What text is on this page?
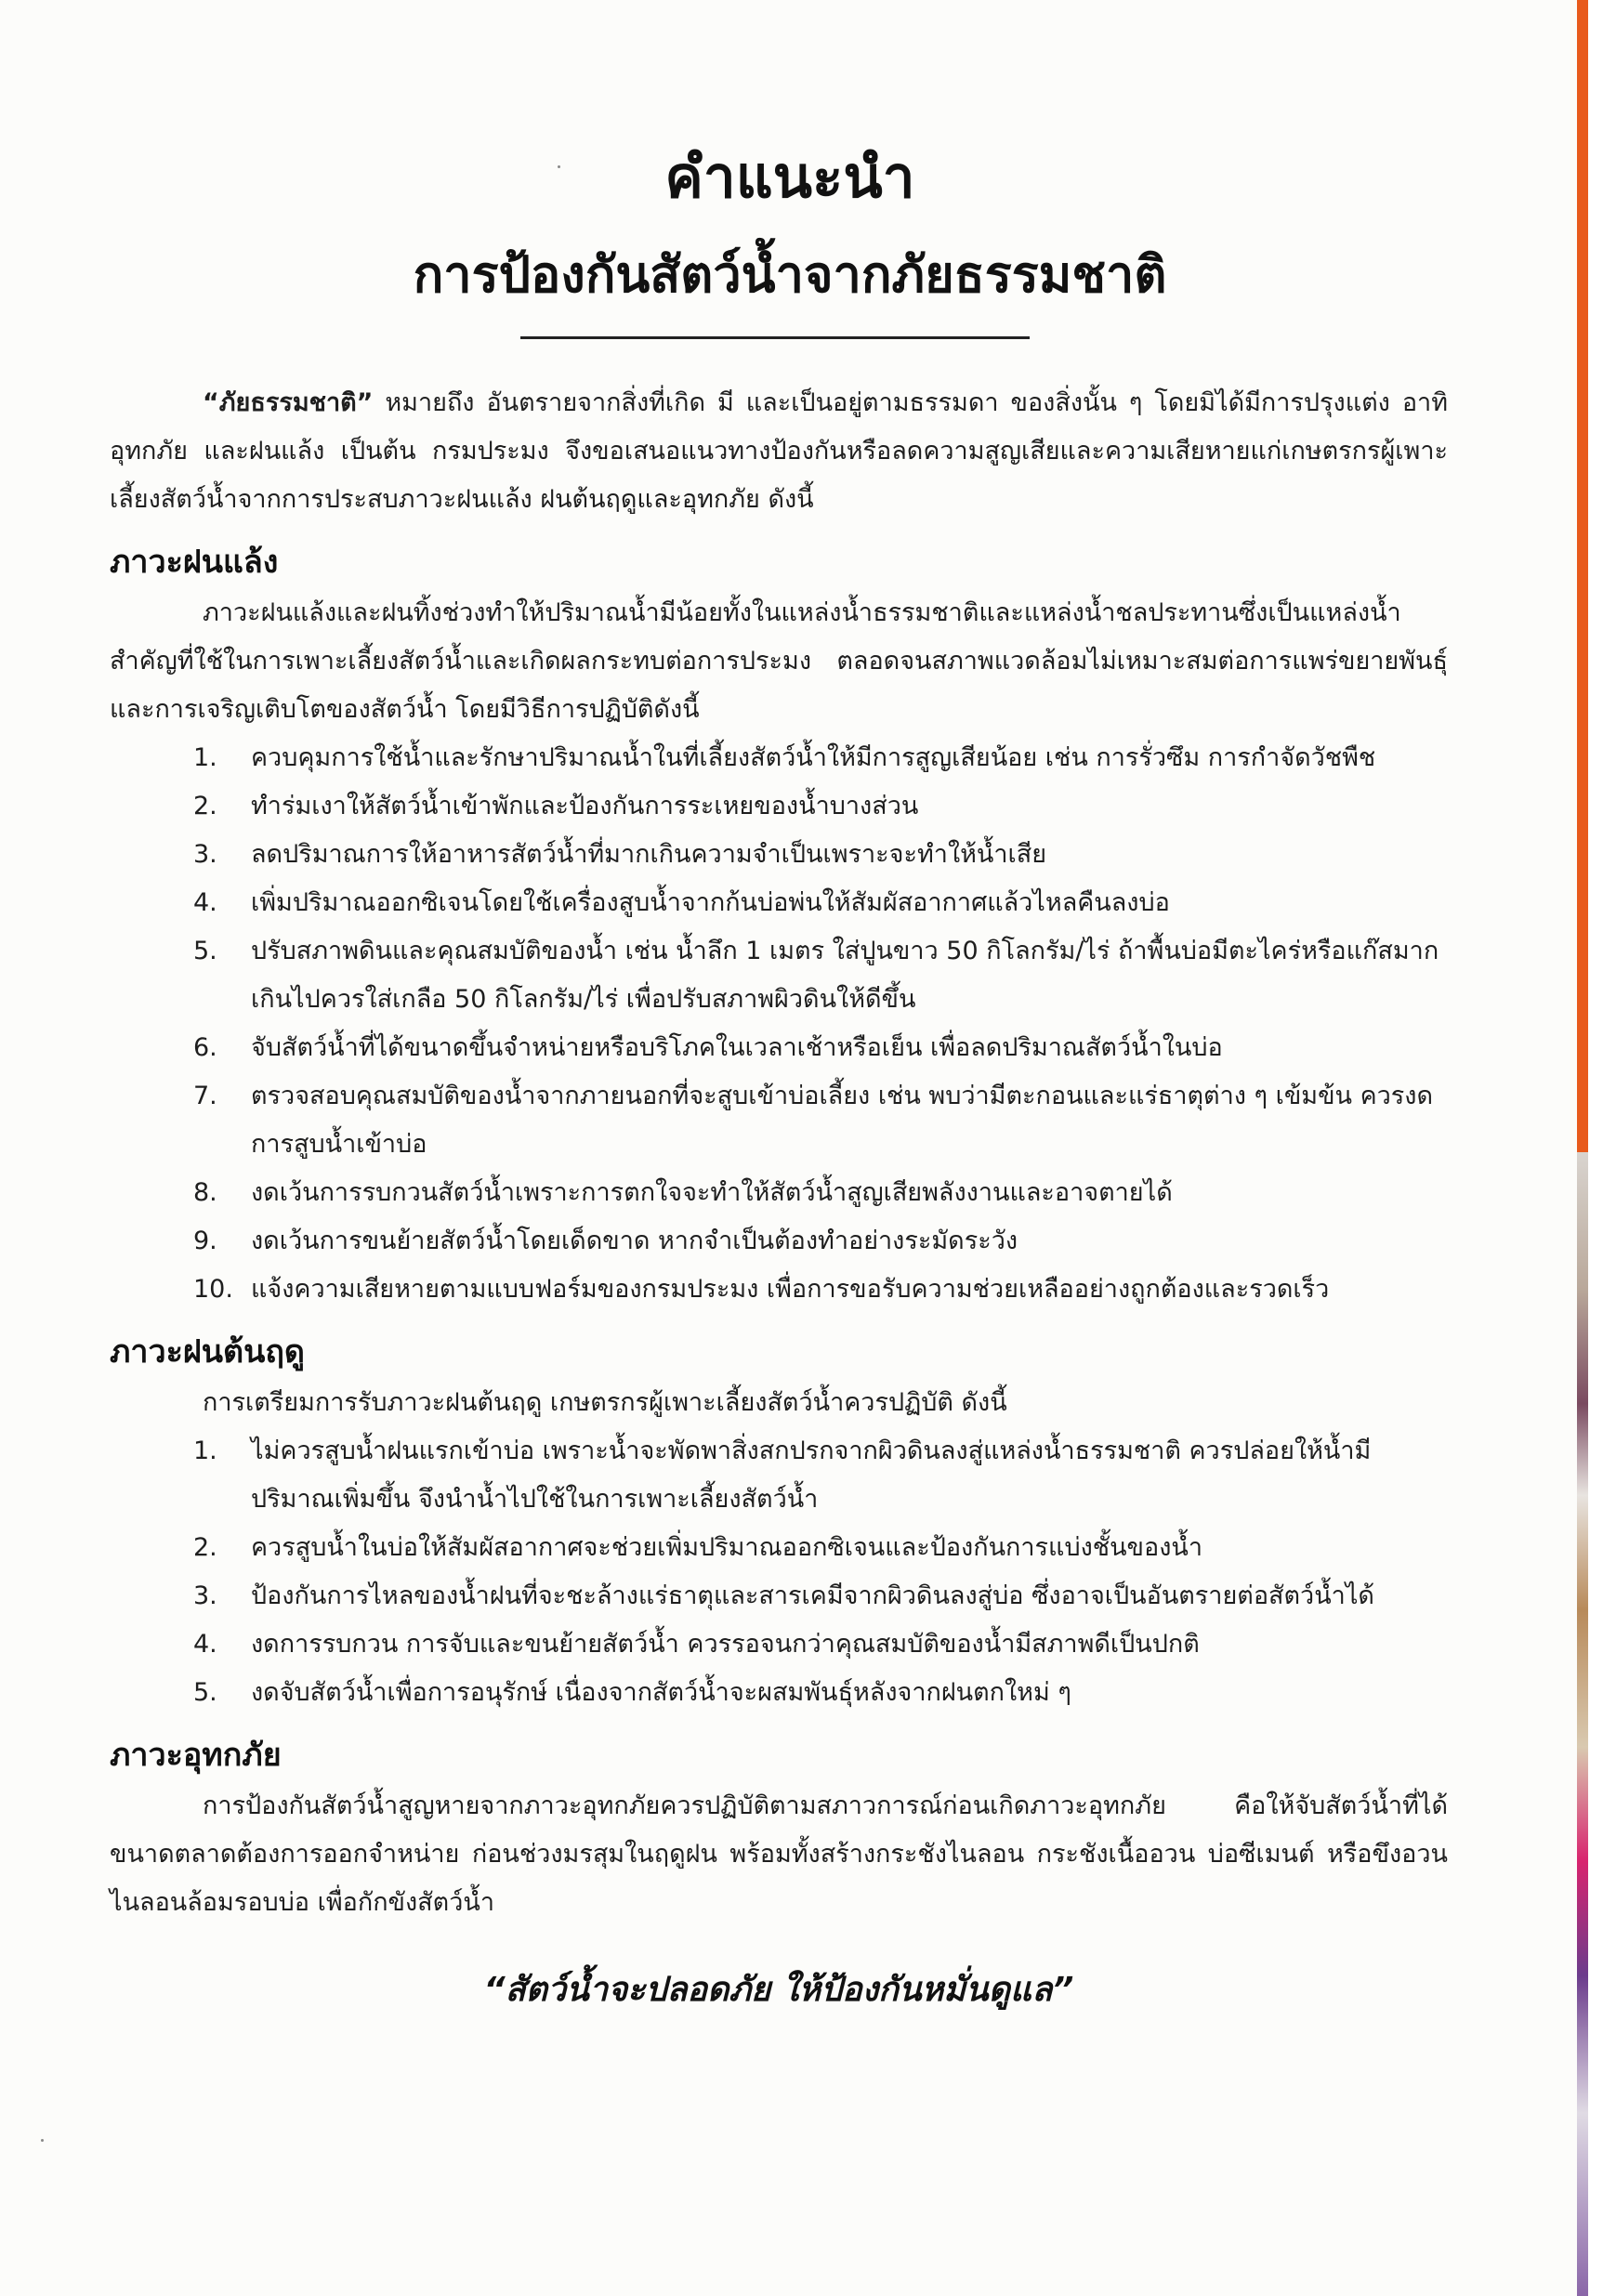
คำแนะนำ
การป้องกันสัตว์น้ำจากภัยธรรมชาติ

“ภัยธรรมชาติ” หมายถึง อันตรายจากสิ่งที่เกิด มี และเป็นอยู่ตามธรรมดา ของสิ่งนั้น ๆ โดยมิได้มีการปรุงแต่ง อาทิ อุทกภัย และฝนแล้ง เป็นต้น กรมประมง จึงขอเสนอแนวทางป้องกันหรือลดความสูญเสียและความเสียหายแก่เกษตรกรผู้เพาะเลี้ยงสัตว์น้ำจากการประสบภาวะฝนแล้ง ฝนต้นฤดูและอุทกภัย ดังนี้

ภาวะฝนแล้ง

ภาวะฝนแล้งและฝนทิ้งช่วงทำให้ปริมาณน้ำมีน้อยทั้งในแหล่งน้ำธรรมชาติและแหล่งน้ำชลประทานซึ่งเป็นแหล่งน้ำสำคัญที่ใช้ในการเพาะเลี้ยงสัตว์น้ำและเกิดผลกระทบต่อการประมง ตลอดจนสภาพแวดล้อมไม่เหมาะสมต่อการแพร่ขยายพันธุ์และการเจริญเติบโตของสัตว์น้ำ โดยมีวิธีการปฏิบัติดังนี้

1. ควบคุมการใช้น้ำและรักษาปริมาณน้ำในที่เลี้ยงสัตว์น้ำให้มีการสูญเสียน้อย เช่น การรั่วซึม การกำจัดวัชพืช
2. ทำร่มเงาให้สัตว์น้ำเข้าพักและป้องกันการระเหยของน้ำบางส่วน
3. ลดปริมาณการให้อาหารสัตว์น้ำที่มากเกินความจำเป็นเพราะจะทำให้น้ำเสีย
4. เพิ่มปริมาณออกซิเจนโดยใช้เครื่องสูบน้ำจากก้นบ่อพ่นให้สัมผัสอากาศแล้วไหลคืนลงบ่อ
5. ปรับสภาพดินและคุณสมบัติของน้ำ เช่น น้ำลึก 1 เมตร ใส่ปูนขาว 50 กิโลกรัม/ไร่ ถ้าพื้นบ่อมีตะไคร่หรือแก๊สมากเกินไปควรใส่เกลือ 50 กิโลกรัม/ไร่ เพื่อปรับสภาพผิวดินให้ดีขึ้น
6. จับสัตว์น้ำที่ได้ขนาดขึ้นจำหน่ายหรือบริโภคในเวลาเช้าหรือเย็น เพื่อลดปริมาณสัตว์น้ำในบ่อ
7. ตรวจสอบคุณสมบัติของน้ำจากภายนอกที่จะสูบเข้าบ่อเลี้ยง เช่น พบว่ามีตะกอนและแร่ธาตุต่าง ๆ เข้มข้น ควรงดการสูบน้ำเข้าบ่อ
8. งดเว้นการรบกวนสัตว์น้ำเพราะการตกใจจะทำให้สัตว์น้ำสูญเสียพลังงานและอาจตายได้
9. งดเว้นการขนย้ายสัตว์น้ำโดยเด็ดขาด หากจำเป็นต้องทำอย่างระมัดระวัง
10. แจ้งความเสียหายตามแบบฟอร์มของกรมประมง เพื่อการขอรับความช่วยเหลืออย่างถูกต้องและรวดเร็ว
ภาวะฝนต้นฤดู

การเตรียมการรับภาวะฝนต้นฤดู เกษตรกรผู้เพาะเลี้ยงสัตว์น้ำควรปฏิบัติ ดังนี้

1. ไม่ควรสูบน้ำฝนแรกเข้าบ่อ เพราะน้ำจะพัดพาสิ่งสกปรกจากผิวดินลงสู่แหล่งน้ำธรรมชาติ ควรปล่อยให้น้ำมีปริมาณเพิ่มขึ้น จึงนำน้ำไปใช้ในการเพาะเลี้ยงสัตว์น้ำ
2. ควรสูบน้ำในบ่อให้สัมผัสอากาศจะช่วยเพิ่มปริมาณออกซิเจนและป้องกันการแบ่งชั้นของน้ำ
3. ป้องกันการไหลของน้ำฝนที่จะชะล้างแร่ธาตุและสารเคมีจากผิวดินลงสู่บ่อ ซึ่งอาจเป็นอันตรายต่อสัตว์น้ำได้
4. งดการรบกวน การจับและขนย้ายสัตว์น้ำ ควรรอจนกว่าคุณสมบัติของน้ำมีสภาพดีเป็นปกติ
5. งดจับสัตว์น้ำเพื่อการอนุรักษ์ เนื่องจากสัตว์น้ำจะผสมพันธุ์หลังจากฝนตกใหม่ ๆ
ภาวะอุทกภัย

การป้องกันสัตว์น้ำสูญหายจากภาวะอุทกภัยควรปฏิบัติตามสภาวการณ์ก่อนเกิดภาวะอุทกภัย คือให้จับสัตว์น้ำที่ได้ขนาดตลาดต้องการออกจำหน่าย ก่อนช่วงมรสุมในฤดูฝน พร้อมทั้งสร้างกระชังไนลอน กระชังเนื้ออวน บ่อซีเมนต์ หรือขึงอวนไนลอนล้อมรอบบ่อ เพื่อกักขังสัตว์น้ำ

“สัตว์น้ำจะปลอดภัย ให้ป้องกันหมั่นดูแล”
